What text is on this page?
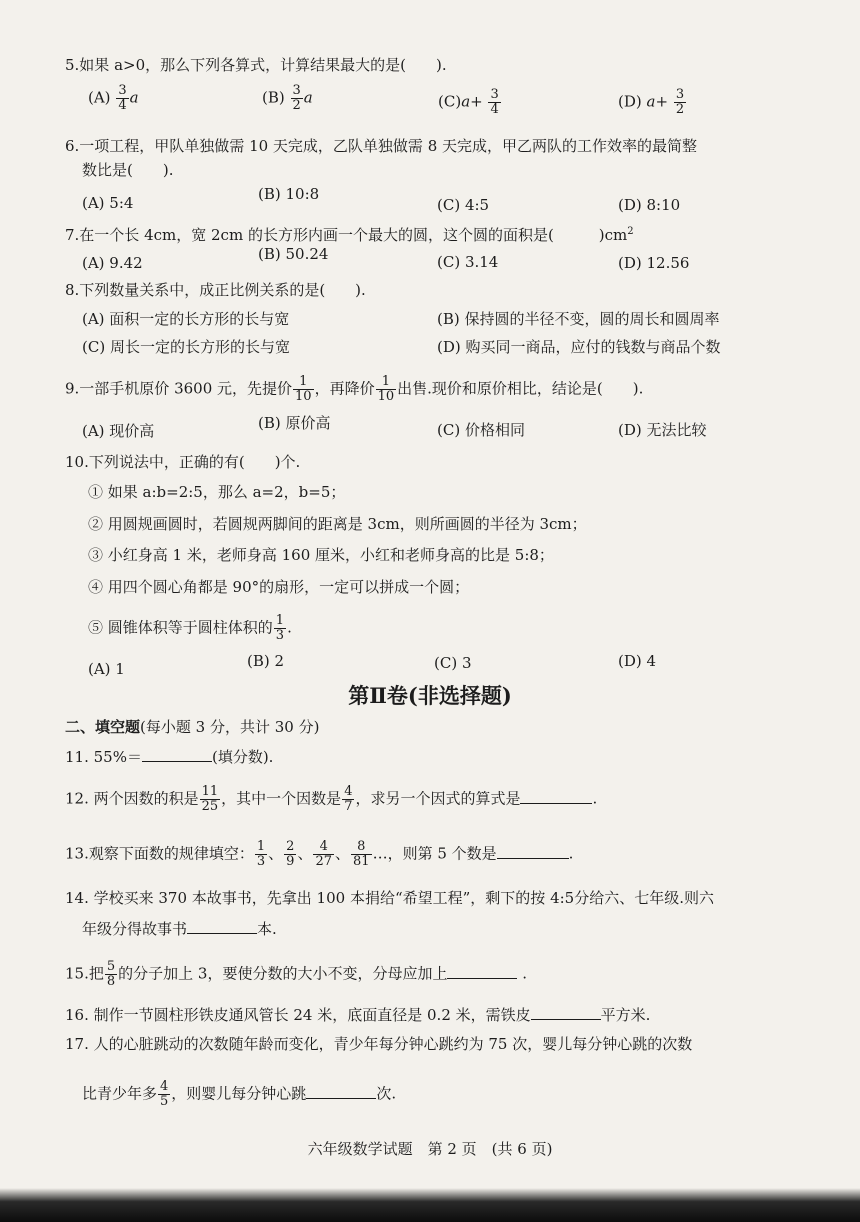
5.如果 a>0，那么下列各算式，计算结果最大的是(　　).
$(A) \frac{3}{4}$ a	$(B) \frac{3}{2}$ a	$(C)a+ \frac{3}{4}$	(D) $a+ \frac{3}{2}$
6.一项工程，甲队单独做需 10 天完成，乙队单独做需 8 天完成，甲乙两队的工作效率的最简整
数比是(　　).
(A) 5:4	(B) 10:8
(C) 4:5	(D) 8:10
7.在一个长 4cm，宽 2cm 的长方形内画一个最大的圆，这个圆的面积是(　　　)$cm^2$
(A) 9.42	(B) 50.24	(C) 3.14	(D) 12.56
8.下列数量关系中，成正比例关系的是(　　).
(A) 面积一定的长方形的长与宽	(B) 保持圆的半径不变，圆的周长和圆周率
(C) 周长一定的长方形的长与宽	(D) 购买同一商品，应付的钱数与商品个数
9.一部手机原价 3600 元，先提价 $\frac{1}{10}$ ，再降价 $\frac{1}{10}$ 出售.现价和原价相比，结论是(　　).
(A) 现价高	(B) 原价高	(C) 价格相同	(D) 无法比较
10.下列说法中，正确的有(　　)个.
① 如果 a:b=2:5，那么 a=2，b=5；
② 用圆规画圆时，若圆规两脚间的距离是 3cm，则所画圆的半径为 3cm；
③ 小红身高 1 米，老师身高 160 厘米，小红和老师身高的比是 5:8；
④ 用四个圆心角都是 90°的扇形，一定可以拼成一个圆；
⑤ 圆锥体积等于圆柱体积的 $\frac{1}{3}$ .
(A) 1	(B) 2	(C) 3	(D) 4
第Ⅱ卷(非选择题)
二、填空题(每小题 3 分，共计 30 分)
11. 55%＝	(填分数).
12. 两个因数的积是 $\frac{11}{25}$ ，其中一个因数是 $\frac{4}{7}$ ，求另一个因式的算式是	.
13.观察下面数的规律填空： $\frac{1}{3}$ 、 $\frac{2}{9}$ 、 $\frac{4}{27}$ 、 $\frac{8}{81}$ …，则第 5 个数是	.
14. 学校买来 370 本故事书，先拿出 100 本捐给“希望工程”，剩下的按 4:5分给六、七年级.则六
年级分得故事书	本.
15.把 $\frac{5}{8}$ 的分子加上 3，要使分数的大小不变，分母应加上	.
16. 制作一节圆柱形铁皮通风管长 24 米，底面直径是 0.2 米，需铁皮	平方米.
17. 人的心脏跳动的次数随年龄而变化，青少年每分钟心跳约为 75 次，婴儿每分钟心跳的次数
比青少年多 $\frac{4}{5}$ ，则婴儿每分钟心跳	次.
六年级数学试题　第 2 页　(共 6 页)
